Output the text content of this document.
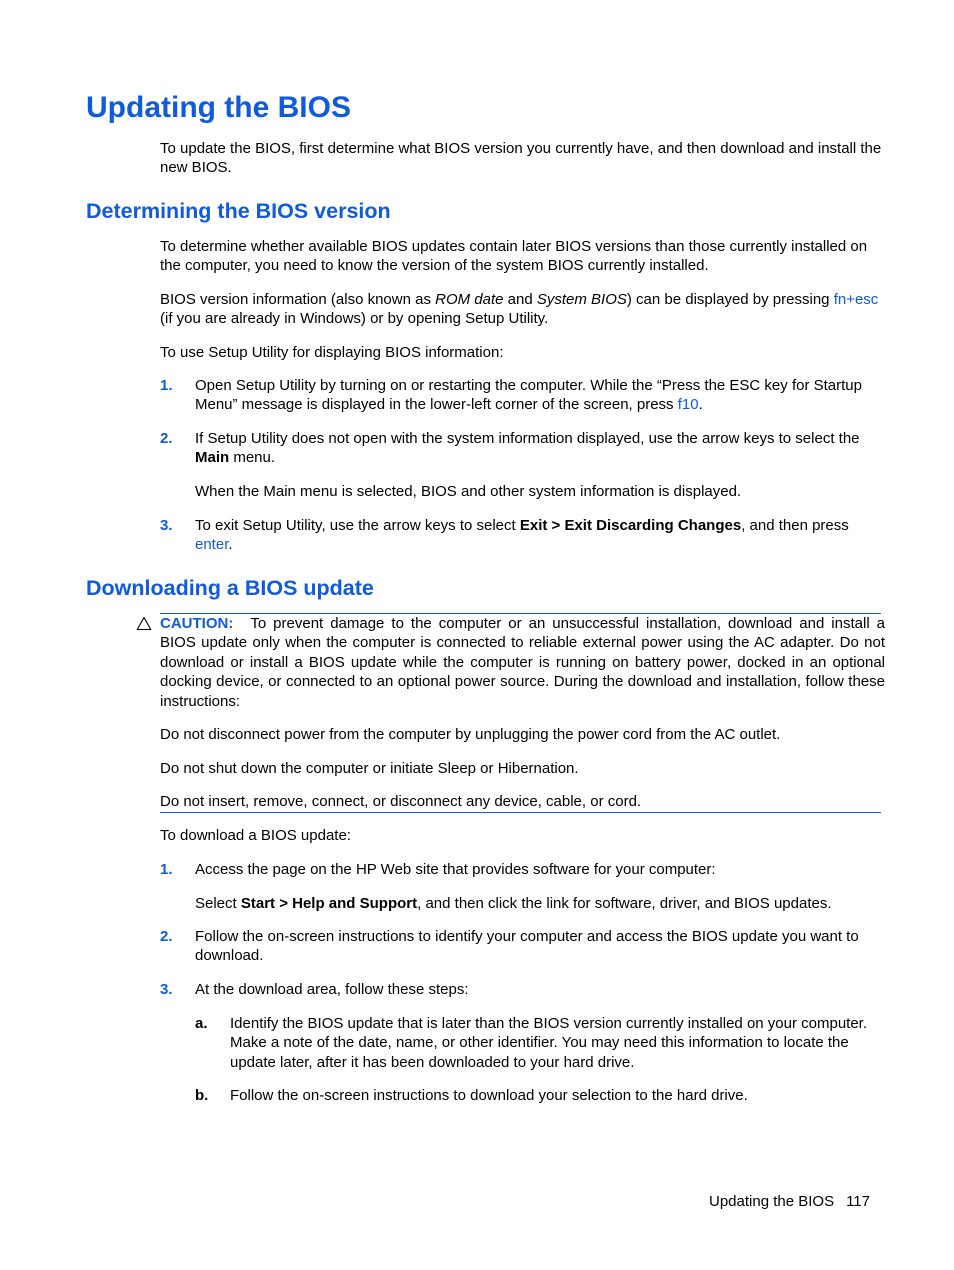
Updating the BIOS
To update the BIOS, first determine what BIOS version you currently have, and then download and install the new BIOS.
Determining the BIOS version
To determine whether available BIOS updates contain later BIOS versions than those currently installed on the computer, you need to know the version of the system BIOS currently installed.
BIOS version information (also known as ROM date and System BIOS) can be displayed by pressing fn+esc (if you are already in Windows) or by opening Setup Utility.
To use Setup Utility for displaying BIOS information:
1. Open Setup Utility by turning on or restarting the computer. While the “Press the ESC key for Startup Menu” message is displayed in the lower-left corner of the screen, press f10.
2. If Setup Utility does not open with the system information displayed, use the arrow keys to select the Main menu.
When the Main menu is selected, BIOS and other system information is displayed.
3. To exit Setup Utility, use the arrow keys to select Exit > Exit Discarding Changes, and then press enter.
Downloading a BIOS update
CAUTION: To prevent damage to the computer or an unsuccessful installation, download and install a BIOS update only when the computer is connected to reliable external power using the AC adapter. Do not download or install a BIOS update while the computer is running on battery power, docked in an optional docking device, or connected to an optional power source. During the download and installation, follow these instructions:
Do not disconnect power from the computer by unplugging the power cord from the AC outlet.
Do not shut down the computer or initiate Sleep or Hibernation.
Do not insert, remove, connect, or disconnect any device, cable, or cord.
To download a BIOS update:
1. Access the page on the HP Web site that provides software for your computer:
Select Start > Help and Support, and then click the link for software, driver, and BIOS updates.
2. Follow the on-screen instructions to identify your computer and access the BIOS update you want to download.
3. At the download area, follow these steps:
a. Identify the BIOS update that is later than the BIOS version currently installed on your computer. Make a note of the date, name, or other identifier. You may need this information to locate the update later, after it has been downloaded to your hard drive.
b. Follow the on-screen instructions to download your selection to the hard drive.
Updating the BIOS 117
